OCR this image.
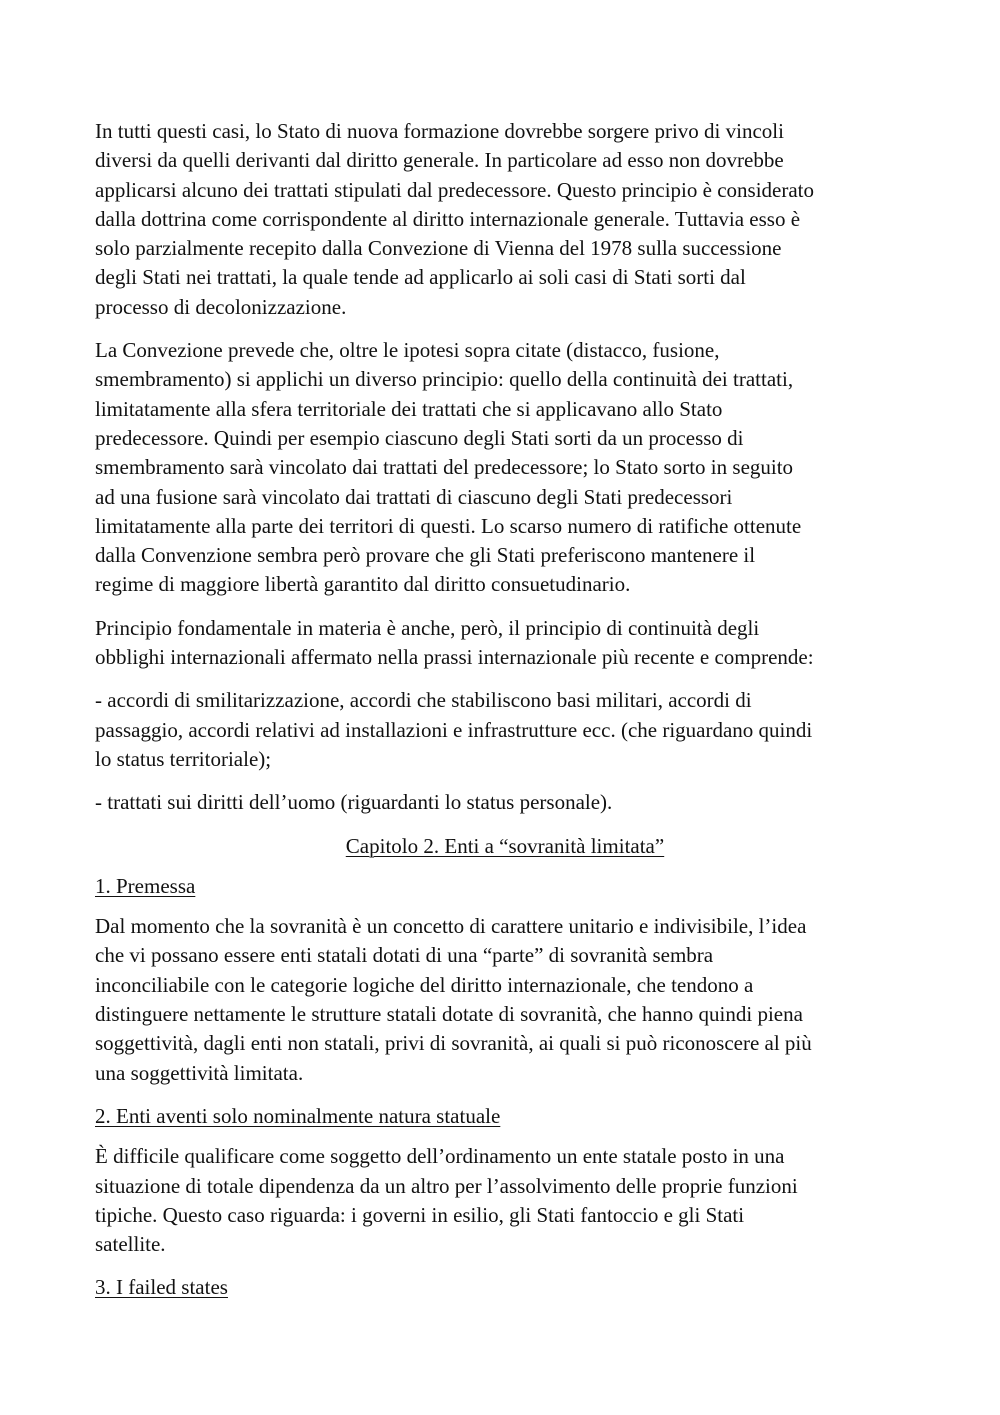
In tutti questi casi, lo Stato di nuova formazione dovrebbe sorgere privo di vincoli
diversi da quelli derivanti dal diritto generale. In particolare ad esso non dovrebbe
applicarsi alcuno dei trattati stipulati dal predecessore. Questo principio è considerato
dalla dottrina come corrispondente al diritto internazionale generale. Tuttavia esso è
solo parzialmente recepito dalla Convezione di Vienna del 1978 sulla successione
degli Stati nei trattati, la quale tende ad applicarlo ai soli casi di Stati sorti dal
processo di decolonizzazione.

La Convezione prevede che, oltre le ipotesi sopra citate (distacco, fusione,
smembramento) si applichi un diverso principio: quello della continuità dei trattati,
limitatamente alla sfera territoriale dei trattati che si applicavano allo Stato
predecessore. Quindi per esempio ciascuno degli Stati sorti da un processo di
smembramento sarà vincolato dai trattati del predecessore; lo Stato sorto in seguito
ad una fusione sarà vincolato dai trattati di ciascuno degli Stati predecessori
limitatamente alla parte dei territori di questi. Lo scarso numero di ratifiche ottenute
dalla Convenzione sembra però provare che gli Stati preferiscono mantenere il
regime di maggiore libertà garantito dal diritto consuetudinario.

Principio fondamentale in materia è anche, però, il principio di continuità degli
obblighi internazionali affermato nella prassi internazionale più recente e comprende:

- accordi di smilitarizzazione, accordi che stabiliscono basi militari, accordi di
passaggio, accordi relativi ad installazioni e infrastrutture ecc. (che riguardano quindi
lo status territoriale);

- trattati sui diritti dell’uomo (riguardanti lo status personale).

Capitolo 2. Enti a “sovranità limitata”

1. Premessa

Dal momento che la sovranità è un concetto di carattere unitario e indivisibile, l’idea
che vi possano essere enti statali dotati di una “parte” di sovranità sembra
inconciliabile con le categorie logiche del diritto internazionale, che tendono a
distinguere nettamente le strutture statali dotate di sovranità, che hanno quindi piena
soggettività, dagli enti non statali, privi di sovranità, ai quali si può riconoscere al più
una soggettività limitata.

2. Enti aventi solo nominalmente natura statuale

È difficile qualificare come soggetto dell’ordinamento un ente statale posto in una
situazione di totale dipendenza da un altro per l’assolvimento delle proprie funzioni
tipiche. Questo caso riguarda: i governi in esilio, gli Stati fantoccio e gli Stati
satellite.

3. I failed states
